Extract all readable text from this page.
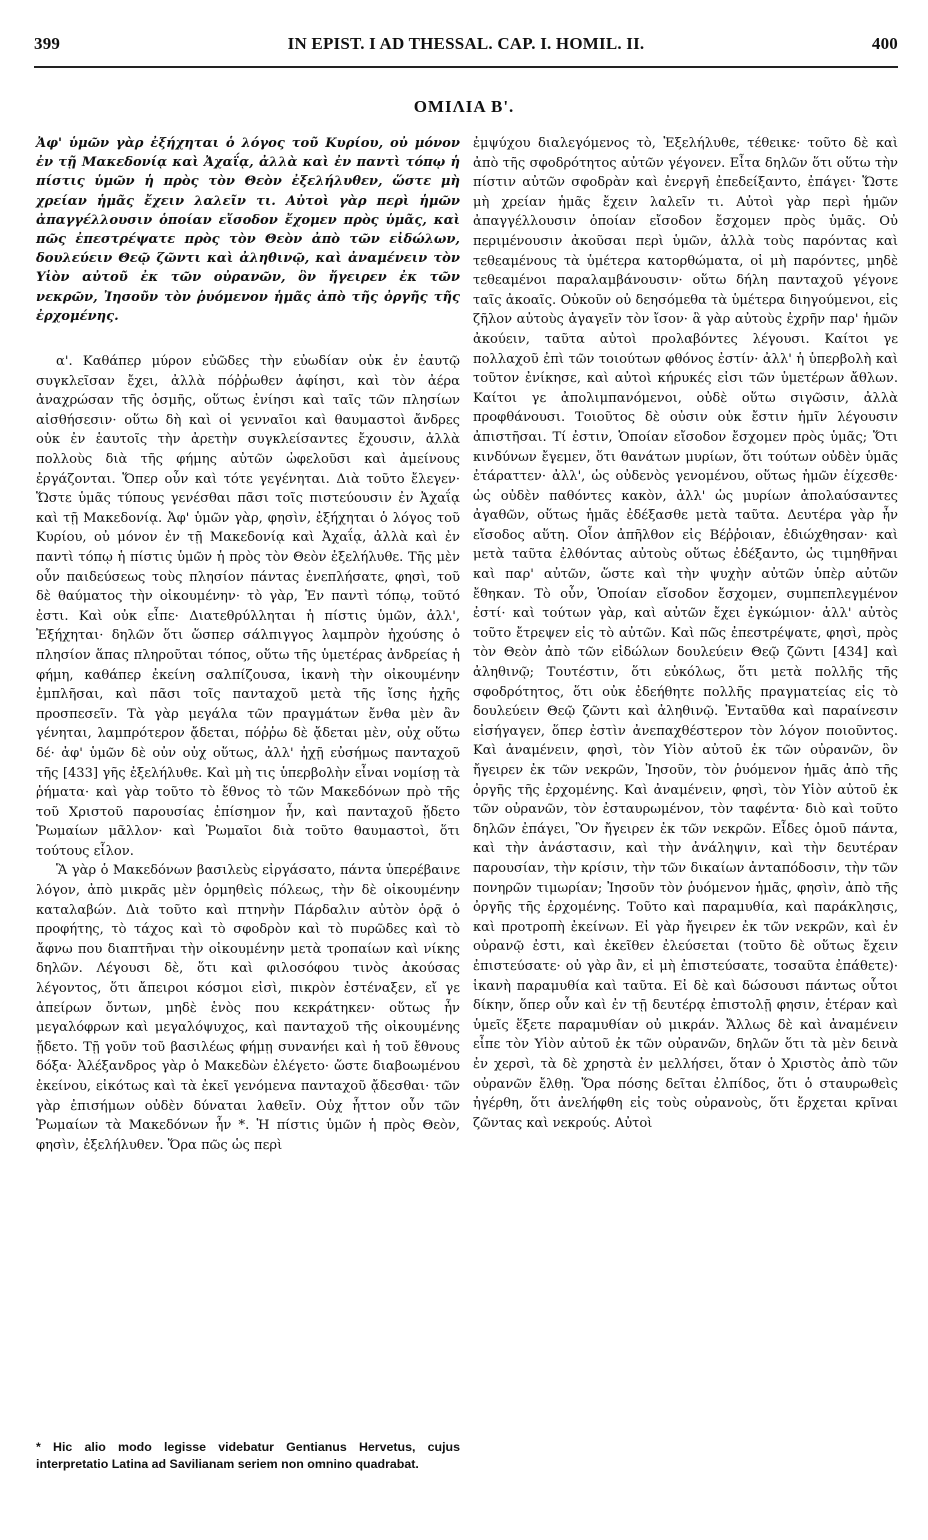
399	IN EPIST. I AD THESSAL. CAP. I. HOMIL. II.	400
ΟΜΙΛΙΑ Β'.

Ἀφ' ὑμῶν γὰρ ἐξήχηται ὁ λόγος τοῦ Κυρίου, οὐ μόνον ἐν τῇ Μακεδονίᾳ καὶ Ἀχαΐᾳ, ἀλλὰ καὶ ἐν παντὶ τόπῳ ἡ πίστις ὑμῶν ἡ πρὸς τὸν Θεὸν ἐξελήλυθεν, ὥστε μὴ χρείαν ἡμᾶς ἔχειν λαλεῖν τι. Αὐτοὶ γὰρ περὶ ἡμῶν ἀπαγγέλλουσιν ὁποίαν εἴσοδον ἔχομεν πρὸς ὑμᾶς, καὶ πῶς ἐπεστρέψατε πρὸς τὸν Θεὸν ἀπὸ τῶν εἰδώλων, δουλεύειν Θεῷ ζῶντι καὶ ἀληθινῷ, καὶ ἀναμένειν τὸν Υἱὸν αὐτοῦ ἐκ τῶν οὐρανῶν, ὃν ἤγειρεν ἐκ τῶν νεκρῶν, Ἰησοῦν τὸν ῥυόμενον ἡμᾶς ἀπὸ τῆς ὀργῆς τῆς ἐρχομένης.

α'. Καθάπερ μύρον εὐῶδες τὴν εὐωδίαν οὐκ ἐν ἑαυτῷ συγκλεῖσαν ἔχει, ἀλλὰ πόῤῥωθεν ἀφίησι, καὶ τὸν ἀέρα ἀναχρώσαν τῆς ὀσμῆς, οὕτως ἐνίησι καὶ ταῖς τῶν πλησίων αἰσθήσεσιν· οὕτω δὴ καὶ οἱ γενναῖοι καὶ θαυμαστοὶ ἄνδρες οὐκ ἐν ἑαυτοῖς τὴν ἀρετὴν συγκλείσαντες ἔχουσιν, ἀλλὰ πολλοὺς διὰ τῆς φήμης αὐτῶν ὠφελοῦσι καὶ ἀμείνους ἐργάζονται. Ὅπερ οὖν καὶ τότε γεγένηται. Διὰ τοῦτο ἔλεγεν· Ὥστε ὑμᾶς τύπους γενέσθαι πᾶσι τοῖς πιστεύουσιν ἐν Ἀχαΐᾳ καὶ τῇ Μακεδονίᾳ. Ἀφ' ὑμῶν γὰρ, φησὶν, ἐξήχηται ὁ λόγος τοῦ Κυρίου, οὐ μόνον ἐν τῇ Μακεδονίᾳ καὶ Ἀχαΐᾳ, ἀλλὰ καὶ ἐν παντὶ τόπῳ ἡ πίστις ὑμῶν ἡ πρὸς τὸν Θεὸν ἐξελήλυθε. Τῆς μὲν οὖν παιδεύσεως τοὺς πλησίον πάντας ἐνεπλήσατε, φησὶ, τοῦ δὲ θαύματος τὴν οἰκουμένην· τὸ γὰρ, Ἐν παντὶ τόπῳ, τοῦτό ἐστι. Καὶ οὐκ εἶπε· Διατεθρύλληται ἡ πίστις ὑμῶν, ἀλλ', Ἐξήχηται· δηλῶν ὅτι ὥσπερ σάλπιγγος λαμπρὸν ἠχούσης ὁ πλησίον ἅπας πληροῦται τόπος, οὕτω τῆς ὑμετέρας ἀνδρείας ἡ φήμη, καθάπερ ἐκείνη σαλπίζουσα, ἱκανὴ τὴν οἰκουμένην ἐμπλῆσαι, καὶ πᾶσι τοῖς πανταχοῦ μετὰ τῆς ἴσης ἠχῆς προσπεσεῖν. Τὰ γὰρ μεγάλα τῶν πραγμάτων ἔνθα μὲν ἂν γένηται, λαμπρότερον ᾄδεται, πόῤῥω δὲ ᾄδεται μὲν, οὐχ οὕτω δέ· ἀφ' ὑμῶν δὲ οὐν οὐχ οὕτως, ἀλλ' ἠχῇ εὐσήμως πανταχοῦ τῆς [433] γῆς ἐξελήλυθε. Καὶ μὴ τις ὑπερβολὴν εἶναι νομίσῃ τὰ ῥήματα· καὶ γὰρ τοῦτο τὸ ἔθνος τὸ τῶν Μακεδόνων πρὸ τῆς τοῦ Χριστοῦ παρουσίας ἐπίσημον ἦν, καὶ πανταχοῦ ᾔδετο Ῥωμαίων μᾶλλον· καὶ Ῥωμαῖοι διὰ τοῦτο θαυμαστοὶ, ὅτι τούτους εἷλον.

Ἃ γὰρ ὁ Μακεδόνων βασιλεὺς εἰργάσατο, πάντα ὑπερέβαινε λόγον, ἀπὸ μικρᾶς μὲν ὁρμηθεὶς πόλεως, τὴν δὲ οἰκουμένην καταλαβών. Διὰ τοῦτο καὶ πτηνὴν Πάρδαλιν αὐτὸν ὁρᾷ ὁ προφήτης, τὸ τάχος καὶ τὸ σφοδρὸν καὶ τὸ πυρῶδες καὶ τὸ ἄφνω που διαπτῆναι τὴν οἰκουμένην μετὰ τροπαίων καὶ νίκης δηλῶν. Λέγουσι δὲ, ὅτι καὶ φιλοσόφου τινὸς ἀκούσας λέγοντος, ὅτι ἄπειροι κόσμοι εἰσὶ, πικρὸν ἐστέναξεν, εἴ γε ἀπείρων ὄντων, μηδὲ ἑνὸς που κεκράτηκεν· οὕτως ἦν μεγαλόφρων καὶ μεγαλόψυχος, καὶ πανταχοῦ τῆς οἰκουμένης ᾔδετο. Τῇ γοῦν τοῦ βασιλέως φήμῃ συνανήει καὶ ἡ τοῦ ἔθνους δόξα· Ἀλέξανδρος γὰρ ὁ Μακεδὼν ἐλέγετο· ὥστε διαβοωμένου ἐκείνου, εἰκότως καὶ τὰ ἐκεῖ γενόμενα πανταχοῦ ᾄδεσθαι· τῶν γὰρ ἐπισήμων οὐδὲν δύναται λαθεῖν. Οὐχ ἧττον οὖν τῶν Ῥωμαίων τὰ Μακεδόνων ἦν *. Ἡ πίστις ὑμῶν ἡ πρὸς Θεὸν, φησὶν, ἐξελήλυθεν. Ὅρα πῶς ὡς περὶ

ἐμψύχου διαλεγόμενος τὸ, Ἐξελήλυθε, τέθεικε· τοῦτο δὲ καὶ ἀπὸ τῆς σφοδρότητος αὐτῶν γέγονεν. Εἶτα δηλῶν ὅτι οὕτω τὴν πίστιν αὐτῶν σφοδρὰν καὶ ἐνεργῆ ἐπεδείξαντο, ἐπάγει· Ὥστε μὴ χρείαν ἡμᾶς ἔχειν λαλεῖν τι. Αὐτοὶ γὰρ περὶ ἡμῶν ἀπαγγέλλουσιν ὁποίαν εἴσοδον ἔσχομεν πρὸς ὑμᾶς. Οὐ περιμένουσιν ἀκοῦσαι περὶ ὑμῶν, ἀλλὰ τοὺς παρόντας καὶ τεθεαμένους τὰ ὑμέτερα κατορθώματα, οἱ μὴ παρόντες, μηδὲ τεθεαμένοι παραλαμβάνουσιν· οὕτω δήλη πανταχοῦ γέγονε ταῖς ἀκοαῖς. Οὐκοῦν οὐ δεησόμεθα τὰ ὑμέτερα διηγούμενοι, εἰς ζῆλον αὐτοὺς ἀγαγεῖν τὸν ἴσον· ἃ γὰρ αὐτοὺς ἐχρῆν παρ' ἡμῶν ἀκούειν, ταῦτα αὐτοὶ προλαβόντες λέγουσι. Καίτοι γε πολλαχοῦ ἐπὶ τῶν τοιούτων φθόνος ἐστίν· ἀλλ' ἡ ὑπερβολὴ καὶ τοῦτον ἐνίκησε, καὶ αὐτοὶ κήρυκές εἰσι τῶν ὑμετέρων ἄθλων. Καίτοι γε ἀπολιμπανόμενοι, οὐδὲ οὕτω σιγῶσιν, ἀλλὰ προφθάνουσι. Τοιοῦτος δὲ οὐσιν οὐκ ἔστιν ἡμῖν λέγουσιν ἀπιστῆσαι. Τί ἐστιν, Ὁποίαν εἴσοδον ἔσχομεν πρὸς ὑμᾶς; Ὅτι κινδύνων ἔγεμεν, ὅτι θανάτων μυρίων, ὅτι τούτων οὐδὲν ὑμᾶς ἐτάραττεν· ἀλλ', ὡς οὐδενὸς γενομένου, οὕτως ἡμῶν ἐίχεσθε· ὡς οὐδὲν παθόντες κακὸν, ἀλλ' ὡς μυρίων ἀπολαύσαντες ἀγαθῶν, οὕτως ἡμᾶς ἐδέξασθε μετὰ ταῦτα. Δευτέρα γὰρ ἦν εἴσοδος αὕτη. Οἷον ἀπῆλθον εἰς Βέῤῥοιαν, ἐδιώχθησαν· καὶ μετὰ ταῦτα ἐλθόντας αὐτοὺς οὕτως ἐδέξαντο, ὡς τιμηθῆναι καὶ παρ' αὐτῶν, ὥστε καὶ τὴν ψυχὴν αὐτῶν ὑπὲρ αὐτῶν ἔθηκαν. Τὸ οὖν, Ὁποίαν εἴσοδον ἔσχομεν, συμπεπλεγμένον ἐστί· καὶ τούτων γὰρ, καὶ αὐτῶν ἔχει ἐγκώμιον· ἀλλ' αὐτὸς τοῦτο ἔτρεψεν εἰς τὸ αὐτῶν. Καὶ πῶς ἐπεστρέψατε, φησὶ, πρὸς τὸν Θεὸν ἀπὸ τῶν εἰδώλων δουλεύειν Θεῷ ζῶντι [434] καὶ ἀληθινῷ; Τουτέστιν, ὅτι εὐκόλως, ὅτι μετὰ πολλῆς τῆς σφοδρότητος, ὅτι οὐκ ἐδεήθητε πολλῆς πραγματείας εἰς τὸ δουλεύειν Θεῷ ζῶντι καὶ ἀληθινῷ. Ἐνταῦθα καὶ παραίνεσιν εἰσήγαγεν, ὅπερ ἐστὶν ἀνεπαχθέστερον τὸν λόγον ποιοῦντος. Καὶ ἀναμένειν, φησὶ, τὸν Υἱὸν αὐτοῦ ἐκ τῶν οὐρανῶν, ὃν ἤγειρεν ἐκ τῶν νεκρῶν, Ἰησοῦν, τὸν ῥυόμενον ἡμᾶς ἀπὸ τῆς ὀργῆς τῆς ἐρχομένης. Καὶ ἀναμένειν, φησὶ, τὸν Υἱὸν αὐτοῦ ἐκ τῶν οὐρανῶν, τὸν ἐσταυρωμένον, τὸν ταφέντα· διὸ καὶ τοῦτο δηλῶν ἐπάγει, Ὃν ἤγειρεν ἐκ τῶν νεκρῶν. Εἶδες ὁμοῦ πάντα, καὶ τὴν ἀνάστασιν, καὶ τὴν ἀνάληψιν, καὶ τὴν δευτέραν παρουσίαν, τὴν κρίσιν, τὴν τῶν δικαίων ἀνταπόδοσιν, τὴν τῶν πονηρῶν τιμωρίαν; Ἰησοῦν τὸν ῥυόμενον ἡμᾶς, φησὶν, ἀπὸ τῆς ὀργῆς τῆς ἐρχομένης. Τοῦτο καὶ παραμυθία, καὶ παράκλησις, καὶ προτροπὴ ἐκείνων. Εἰ γὰρ ἤγειρεν ἐκ τῶν νεκρῶν, καὶ ἐν οὐρανῷ ἐστι, καὶ ἐκεῖθεν ἐλεύσεται (τοῦτο δὲ οὕτως ἔχειν ἐπιστεύσατε· οὐ γὰρ ἂν, εἰ μὴ ἐπιστεύσατε, τοσαῦτα ἐπάθετε)· ἱκανὴ παραμυθία καὶ ταῦτα. Εἰ δὲ καὶ δώσουσι πάντως οὗτοι δίκην, ὅπερ οὖν καὶ ἐν τῇ δευτέρᾳ ἐπιστολῇ φησιν, ἑτέραν καὶ ὑμεῖς ἕξετε παραμυθίαν οὐ μικράν. Ἄλλως δὲ καὶ ἀναμένειν εἶπε τὸν Υἱὸν αὐτοῦ ἐκ τῶν οὐρανῶν, δηλῶν ὅτι τὰ μὲν δεινὰ ἐν χερσὶ, τὰ δὲ χρηστὰ ἐν μελλήσει, ὅταν ὁ Χριστὸς ἀπὸ τῶν οὐρανῶν ἔλθῃ. Ὅρα πόσης δεῖται ἐλπίδος, ὅτι ὁ σταυρωθεὶς ἠγέρθη, ὅτι ἀνελήφθη εἰς τοὺς οὐρανοὺς, ὅτι ἔρχεται κρῖναι ζῶντας καὶ νεκρούς. Αὐτοὶ

* Hic alio modo legisse videbatur Gentianus Hervetus, cujus interpretatio Latina ad Savilianam seriem non omnino quadrabat.
